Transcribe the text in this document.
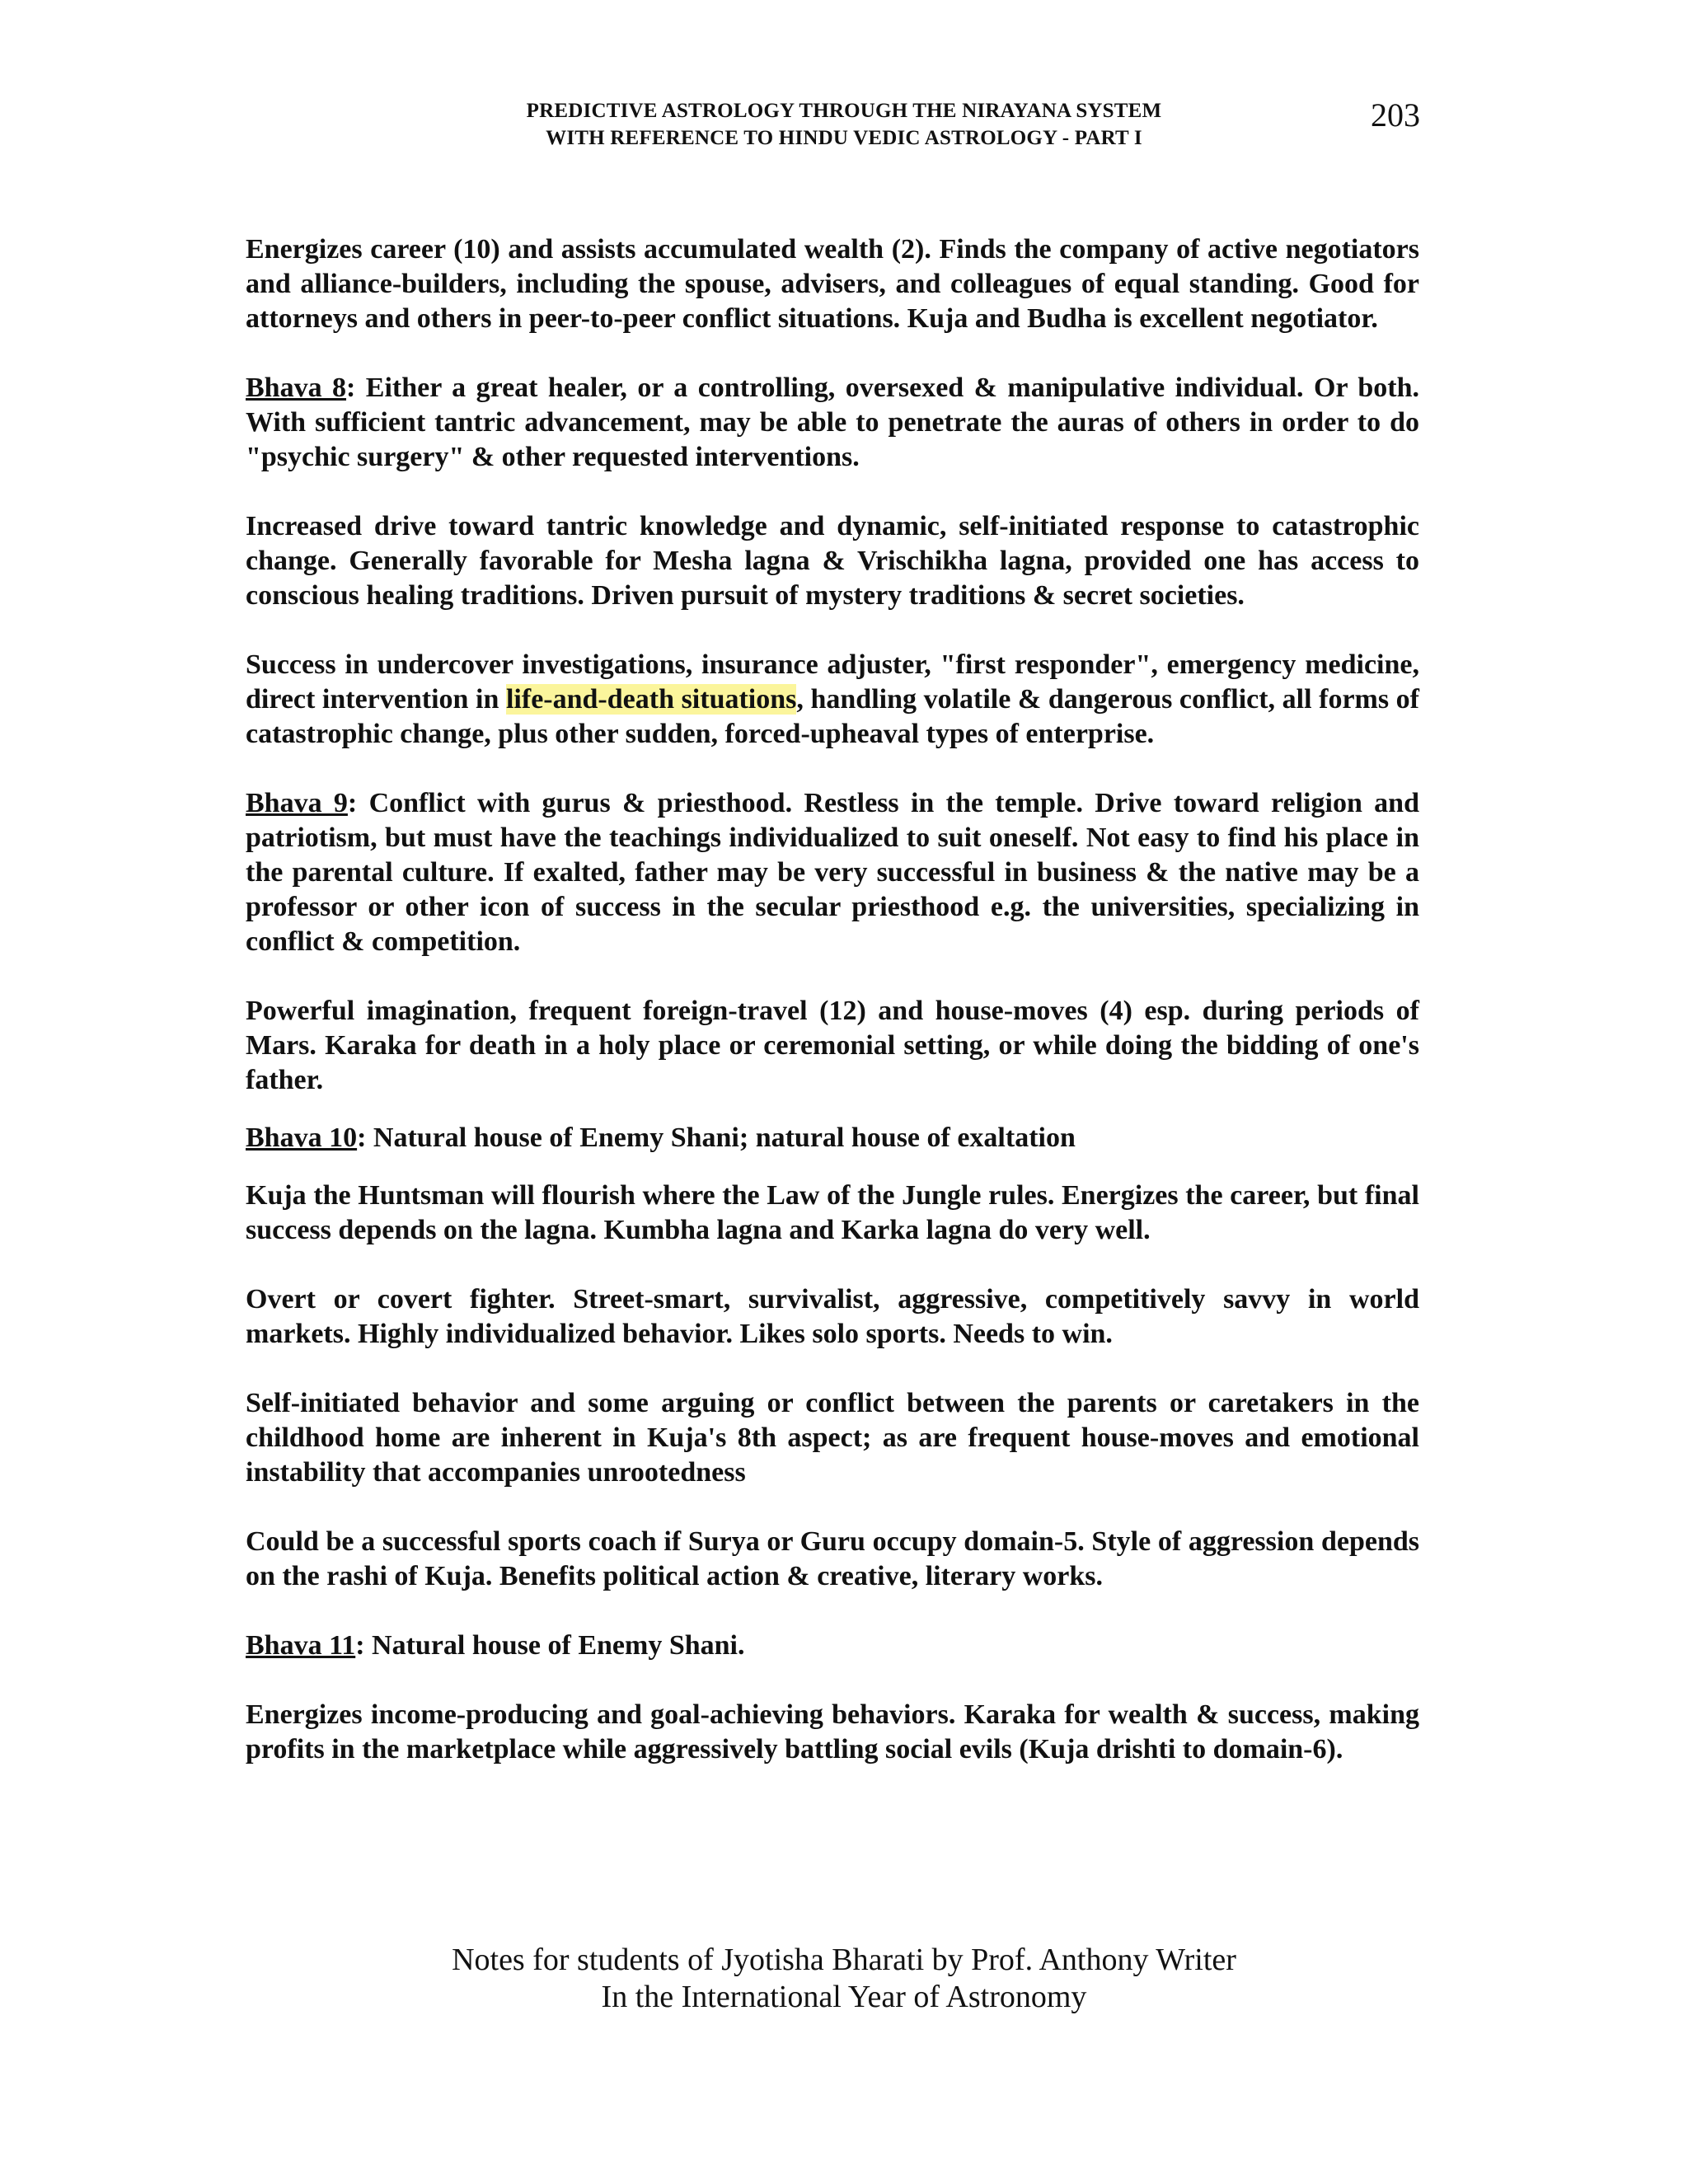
PREDICTIVE ASTROLOGY THROUGH THE NIRAYANA SYSTEM
WITH REFERENCE TO HINDU VEDIC ASTROLOGY - PART I
203

Energizes career (10) and assists accumulated wealth (2). Finds the company of active negotiators and alliance-builders, including the spouse, advisers, and colleagues of equal standing. Good for attorneys and others in peer-to-peer conflict situations. Kuja and Budha is excellent negotiator.

Bhava 8: Either a great healer, or a controlling, oversexed & manipulative individual. Or both. With sufficient tantric advancement, may be able to penetrate the auras of others in order to do "psychic surgery" & other requested interventions.

Increased drive toward tantric knowledge and dynamic, self-initiated response to catastrophic change. Generally favorable for Mesha lagna & Vrischikha lagna, provided one has access to conscious healing traditions. Driven pursuit of mystery traditions & secret societies.

Success in undercover investigations, insurance adjuster, "first responder", emergency medicine, direct intervention in life-and-death situations, handling volatile & dangerous conflict, all forms of catastrophic change, plus other sudden, forced-upheaval types of enterprise.

Bhava 9: Conflict with gurus & priesthood. Restless in the temple. Drive toward religion and patriotism, but must have the teachings individualized to suit oneself. Not easy to find his place in the parental culture. If exalted, father may be very successful in business & the native may be a professor or other icon of success in the secular priesthood e.g. the universities, specializing in conflict & competition.

Powerful imagination, frequent foreign-travel (12) and house-moves (4) esp. during periods of Mars. Karaka for death in a holy place or ceremonial setting, or while doing the bidding of one's father.

Bhava 10: Natural house of Enemy Shani; natural house of exaltation

Kuja the Huntsman will flourish where the Law of the Jungle rules. Energizes the career, but final success depends on the lagna. Kumbha lagna and Karka lagna do very well.

Overt or covert fighter. Street-smart, survivalist, aggressive, competitively savvy in world markets. Highly individualized behavior. Likes solo sports. Needs to win.

Self-initiated behavior and some arguing or conflict between the parents or caretakers in the childhood home are inherent in Kuja's 8th aspect; as are frequent house-moves and emotional instability that accompanies unrootedness

Could be a successful sports coach if Surya or Guru occupy domain-5. Style of aggression depends on the rashi of Kuja. Benefits political action & creative, literary works.

Bhava 11: Natural house of Enemy Shani.

Energizes income-producing and goal-achieving behaviors. Karaka for wealth & success, making profits in the marketplace while aggressively battling social evils (Kuja drishti to domain-6).

Notes for students of Jyotisha Bharati by Prof. Anthony Writer
In the International Year of Astronomy
